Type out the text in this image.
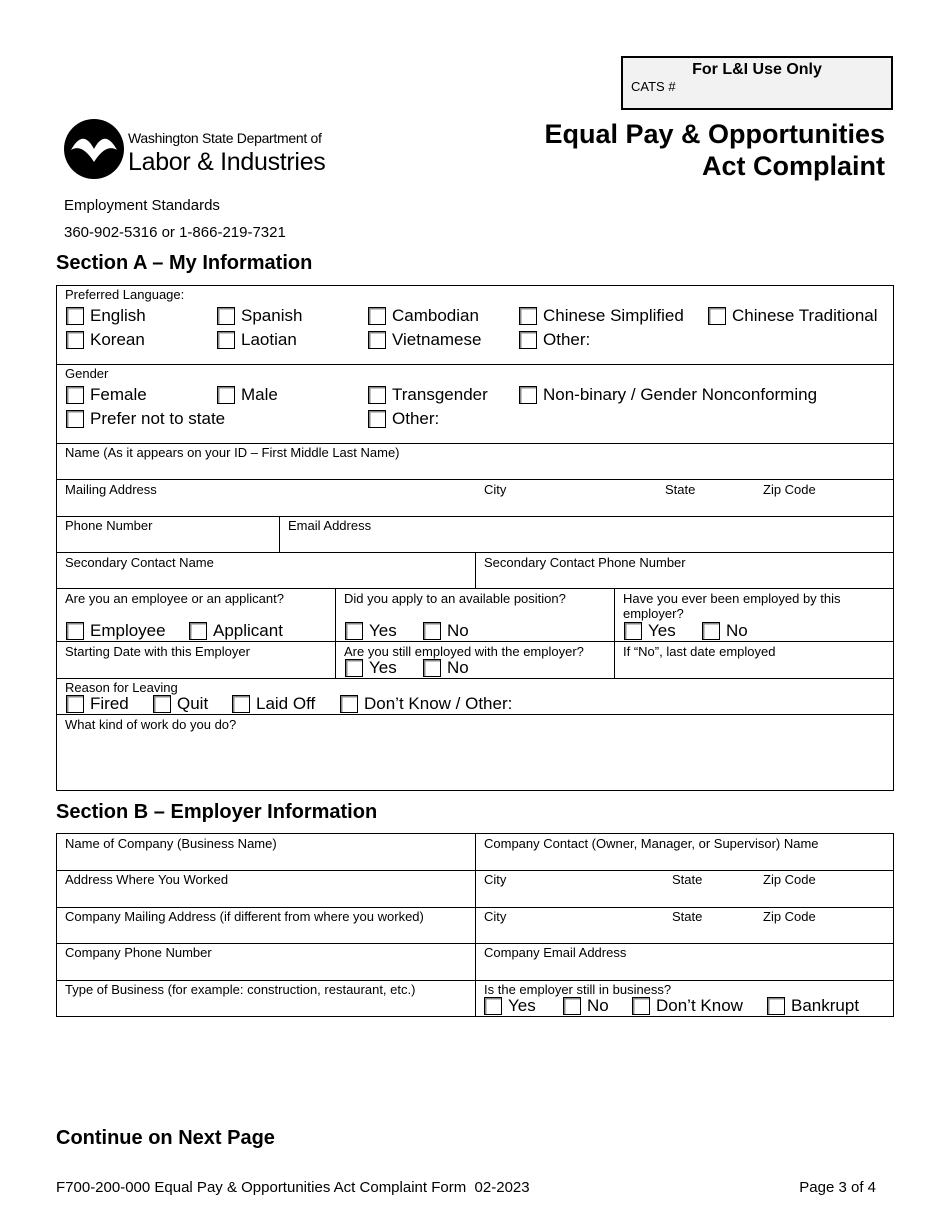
For L&I Use Only
CATS #
Washington State Department of
Labor & Industries
Equal Pay & Opportunities
Act Complaint
Employment Standards
360-902-5316 or 1-866-219-7321
Section A – My Information
Preferred Language:
English	Spanish	Cambodian	Chinese Simplified	Chinese Traditional
Korean	Laotian	Vietnamese	Other:
Gender
Female	Male	Transgender	Non-binary / Gender Nonconforming
Prefer not to state	Other:
Name (As it appears on your ID – First Middle Last Name)
Mailing Address	City	State	Zip Code
Phone Number	Email Address
Secondary Contact Name	Secondary Contact Phone Number
Are you an employee or an applicant?
Employee	Applicant
Did you apply to an available position?
Yes	No
Have you ever been employed by this employer?
Yes	No
Starting Date with this Employer	Are you still employed with the employer?
Yes	No
If “No”, last date employed
Reason for Leaving
Fired	Quit	Laid Off	Don’t Know / Other:
What kind of work do you do?
Section B – Employer Information
Name of Company (Business Name)	Company Contact (Owner, Manager, or Supervisor) Name
Address Where You Worked	City	State	Zip Code
Company Mailing Address (if different from where you worked)	City	State	Zip Code
Company Phone Number	Company Email Address
Type of Business (for example: construction, restaurant, etc.)	Is the employer still in business?
Yes	No	Don’t Know	Bankrupt
Continue on Next Page
F700-200-000 Equal Pay & Opportunities Act Complaint Form  02-2023	Page 3 of 4
